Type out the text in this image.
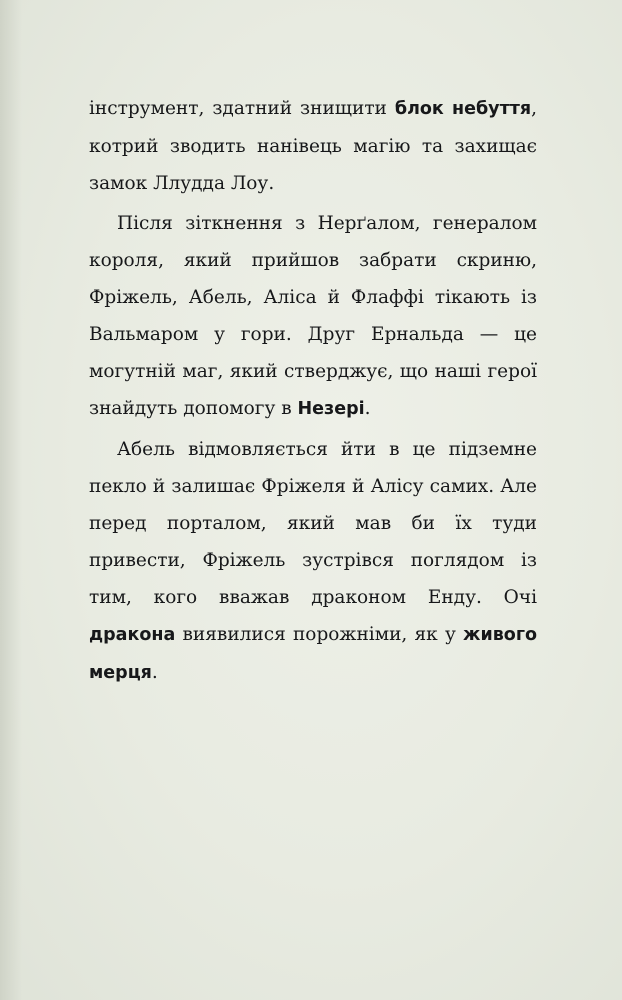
інструмент, здатний знищити блок небуття, котрий зводить нанівець магію та захищає замок Ллудда Лоу.

Після зіткнення з Нерґалом, генералом короля, який прийшов забрати скриню, Фріжель, Абель, Аліса й Флаффі тікають із Вальмаром у гори. Друг Ернальда — це могутній маг, який стверджує, що наші герої знайдуть допомогу в Незері.

Абель відмовляється йти в це підземне пекло й залишає Фріжеля й Алісу самих. Але перед порталом, який мав би їх туди привести, Фріжель зустрівся поглядом із тим, кого вважав драконом Енду. Очі дракона виявилися порожніми, як у живого мерця.
